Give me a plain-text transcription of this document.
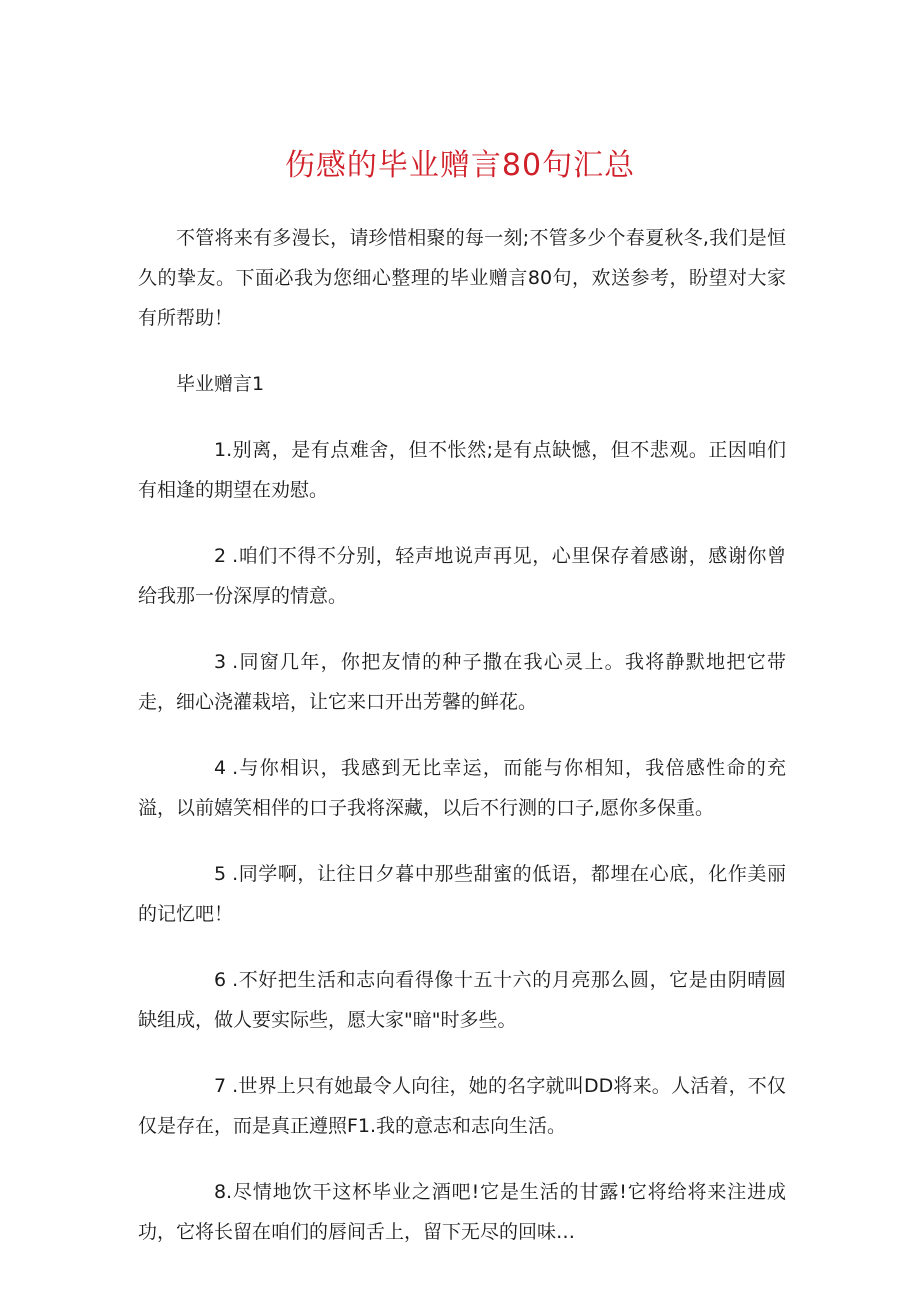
伤感的毕业赠言80句汇总

不管将来有多漫长，请珍惜相聚的每一刻;不管多少个春夏秋冬,我们是恒久的挚友。下面必我为您细心整理的毕业赠言80句，欢送参考，盼望对大家有所帮助！

毕业赠言1

1.别离，是有点难舍，但不怅然;是有点缺憾，但不悲观。正因咱们有相逢的期望在劝慰。

2 .咱们不得不分别，轻声地说声再见，心里保存着感谢，感谢你曾给我那一份深厚的情意。

3 .同窗几年，你把友情的种子撒在我心灵上。我将静默地把它带走，细心浇灌栽培，让它来口开出芳馨的鲜花。

4 .与你相识，我感到无比幸运，而能与你相知，我倍感性命的充溢，以前嬉笑相伴的口子我将深藏，以后不行测的口子,愿你多保重。

5 .同学啊，让往日夕暮中那些甜蜜的低语，都埋在心底，化作美丽的记忆吧！

6 .不好把生活和志向看得像十五十六的月亮那么圆，它是由阴晴圆缺组成，做人要实际些，愿大家"暗"时多些。

7 .世界上只有她最令人向往，她的名字就叫DD将来。人活着，不仅仅是存在，而是真正遵照F1.我的意志和志向生活。

8.尽情地饮干这杯毕业之酒吧!它是生活的甘露!它将给将来注进成功，它将长留在咱们的唇间舌上，留下无尽的回味…
